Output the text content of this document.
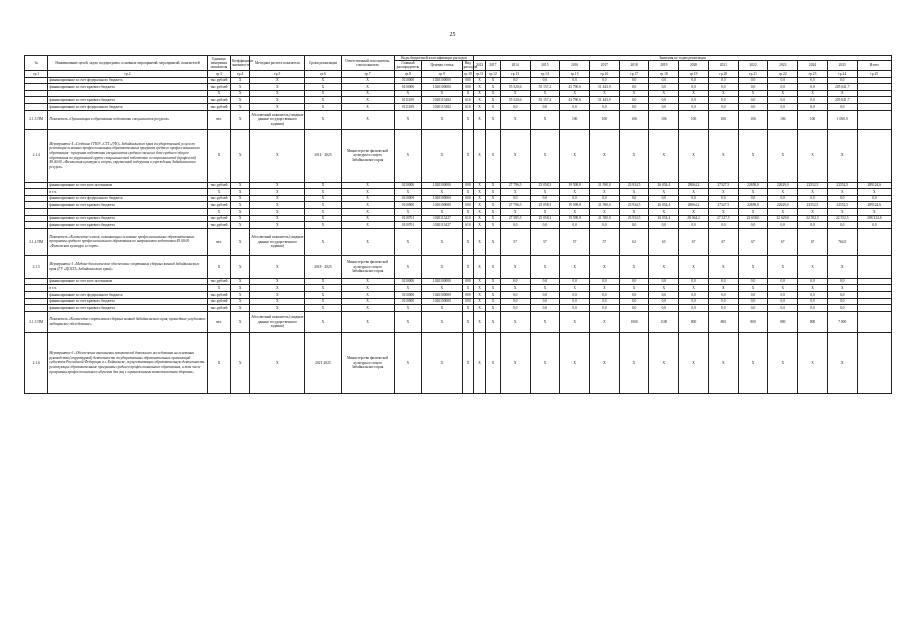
25
№	Наименование целей, задач, подпрограмм, основных мероприятий, мероприятий, показателей	Единица измерения показателя	Коэффициент значимости	Методика расчета показателя	Сроки реализации	Ответственный исполнитель, соисполнитель	Коды бюджетной классификации расходов			Значения по годам реализации														
							Главный распорядитель	Целевая статья	Вид расходов	2012	2017	2014	2015	2016	2017	2018	2019	2020	2021	2022	2023	2024	2025	Итого
гр.1	гр.2	гр.3	гр.4	гр.5	гр.6	гр.7	гр.8	гр.9	гр.10	гр.11	гр.12	гр.13	гр.14	гр.15	гр.16	гр.17	гр.18	гр.19	гр.20	гр.21	гр.22	гр.23	гр.24	гр.25
	финансирование за счет федерального бюджета	тыс.рублей	X	X	X	X	0110000	1020100000	000	X	X	0,0	0,0	0,0	0,0	0,0	0,0	0,0	0,0	0,0	0,0	0,0	0,0	
	финансирование за счет краевого бюджета	тыс.рублей	X	X	X	X	0110000	1020100000	000	X	X	55 520,6	55 157,2	43 790,6	51 443,9	0,0	0,0	0,0	0,0	0,0	0,0	0,0	205 041,7	
		X	X	X	X	X	X	X	X	X	X	X	X	X	X	X	X	X	X	X	X	X	X	
	финансирование за счет краевого бюджета	тыс.рублей	X	X	X	X	0111109	1020115482	610	X	X	55 520,6	55 157,2	43 790,6	51 443,9	0,0	0,0	0,0	0,0	0,0	0,0	0,0	205 041,7	
	финансирование за счет федерального бюджета	тыс.рублей	X	X	X	X	0111109	1020115482	610	X	X	0,0	0,0	0,0	0,0	0,0	0,0	0,0	0,0	0,0	0,0	0,0	0,0	
2.1.3 ПМ	Показатель «Организация в образовании подготовки специалистов ресурсов»	чел.	X	Абсолютный показатель (сводные данные государственного задания)	X	X	X	X	X	X	X	X	X	106	106	106	106	106	106	106	106	106	1 060,0	
2.1.4	Мероприятие 4 «Создание ГПОУ «СТТ»(УК)» Забайкальского края государственной услуги по реализации основных профессиональных образовательных программ среднего профессионального образования - программ подготовки специалистов среднего звена на базе среднего общего образования по укрупненной группе специальностей подготовки и специальностей (профессий) 49.00.00 «Физическая культура и спорт» укрупненной подгруппы в учреждении Забайкальского ресурса»	X	X	X	2014 - 2025	Министерство физической культуры и спорта Забайкальского края	X	X	X	X	X	X	X	X	X	X	X	X	X	X	X	X	X	
	финансирование за счет всех источников	тыс.рублей	X	X	X	X	0110000	1020100000	000	X	X	27 796,5	25 058,3	19 598,8	21 590,0	23 934,5	26 054,4	28064,2	27327,5	22658,0	22629,0	22552,5	22552,5	289124,6
	в т.ч.	X	X	X	X	X	X	X	X	X	X	X	X	X	X	X	X	X	X	X	X	X	X	X
	финансирование за счет федерального бюджета	тыс.рублей	X	X	X	X	0110000	1020100000	000	X	X	0,0	0,0	0,0	0,0	0,0	0,0	0,0	0,0	0,0	0,0	0,0	0,0	0,0
	финансирование за счет краевого бюджета	тыс.рублей	X	X	X	X	0110000	1020100000	000	X	X	27 796,5	25 058,3	19 598,8	21 590,0	23 934,5	26 054,4	28064,2	27327,5	22658,0	22629,0	22552,5	22552,5	289124,6
		X	X	X	X	X	X	X	X	X	X	X	X	X	X	X	X	X	X	X	X	X	X	X
	финансирование за счет краевого бюджета	тыс.рублей	X	X	X	X	0110701	1020113427	610	X	X	27 585,5	25 058,3	19 598,8	21 590,0	23 934,5	26 054,4	28 064,2	27 327,5	22 658,0	22 629,0	22 552,5	22 552,5	288 324,6
	финансирование за счет краевого бюджета	тыс.рублей	X	X	X	X	0110701	1020113427	610	X	X	0,0	0,0	0,0	0,0	0,0	0,0	0,0	0,0	0,0	0,0	0,0	0,0	0,0
2.1.4 ПМ	Показатель «Количество членов, осваивающих основные профессиональные образовательные программы среднего профессионального образования по направлению подготовки 49.00.00 «Физическая культура и спорт»	чел.	X	Абсолютный показатель (сводные данные государственного задания)	X	X	X	X	X	X	X	57	57	57	57	62	65	67	67	67	67	67	762,0	
2.1.5	Мероприятие 5 «Медико-биологическое обеспечение спортивных сборных команд Забайкальского края (ГУ «ЦОСП» Забайкальского края)»	X	X	X	2018 - 2025	Министерство физической культуры и спорта Забайкальского края	X	X	X	X	X	X	X	X	X	X	X	X	X	X	X	X	X	
	финансирование за счет всех источников	тыс.рублей	X	X	X	X	0110000	1020100000	000	X	X	0,0	0,0	0,0	0,0	0,0	0,0	0,0	0,0	0,0	0,0	0,0	0,0	
	в т.ч.	X	X	X	X	X	X	X	X	X	X	X	X	X	X	X	X	X	X	X	X	X	X	
	финансирование за счет федерального бюджета	тыс.рублей	X	X	X	X	0110000	1020100000	000	X	X	0,0	0,0	0,0	0,0	0,0	0,0	0,0	0,0	0,0	0,0	0,0	0,0	
	финансирование за счет краевого бюджета	тыс.рублей	X	X	X	X	0110000	1020100000	000	X	X	0,0	0,0	0,0	0,0	0,0	0,0	0,0	0,0	0,0	0,0	0,0	0,0	
	финансирование за счет краевого бюджета	тыс.рублей	X	X	X	X	X	X	X	X	X	0,0	0,0	0,0	0,0	0,0	0,0	0,0	0,0	0,0	0,0	0,0	0,0	
2.1.5 ПМ	Показатель «Количество спортсменов сборных команд Забайкальского края, прошедших углубленное медицинское обследование»	чел.	X	Абсолютный показатель (сводные данные государственного задания)	X	X	X	X	X	X	X	X	X	X	X	1000	1100	800	800	800	800	800	7 000	
2.1.6	Мероприятие 6 «Обеспечение выполнения показателей довольного исследования на основании руководства (структурной) деятельности государственных образовательных организаций субъектов Российской Федерации в г. Байкальске, осуществляющих образовательную деятельность, реализующих образовательные программы среднего профессионального образования, и том числе программы профессионального обучения для лиц с ограниченными возможностями здоровья»	X	X	X	2021-2025	Министерство физической культуры и спорта Забайкальского края	X	X	X	X	X	X	X	X	X	X	X	X	X	X	X	X	X	
